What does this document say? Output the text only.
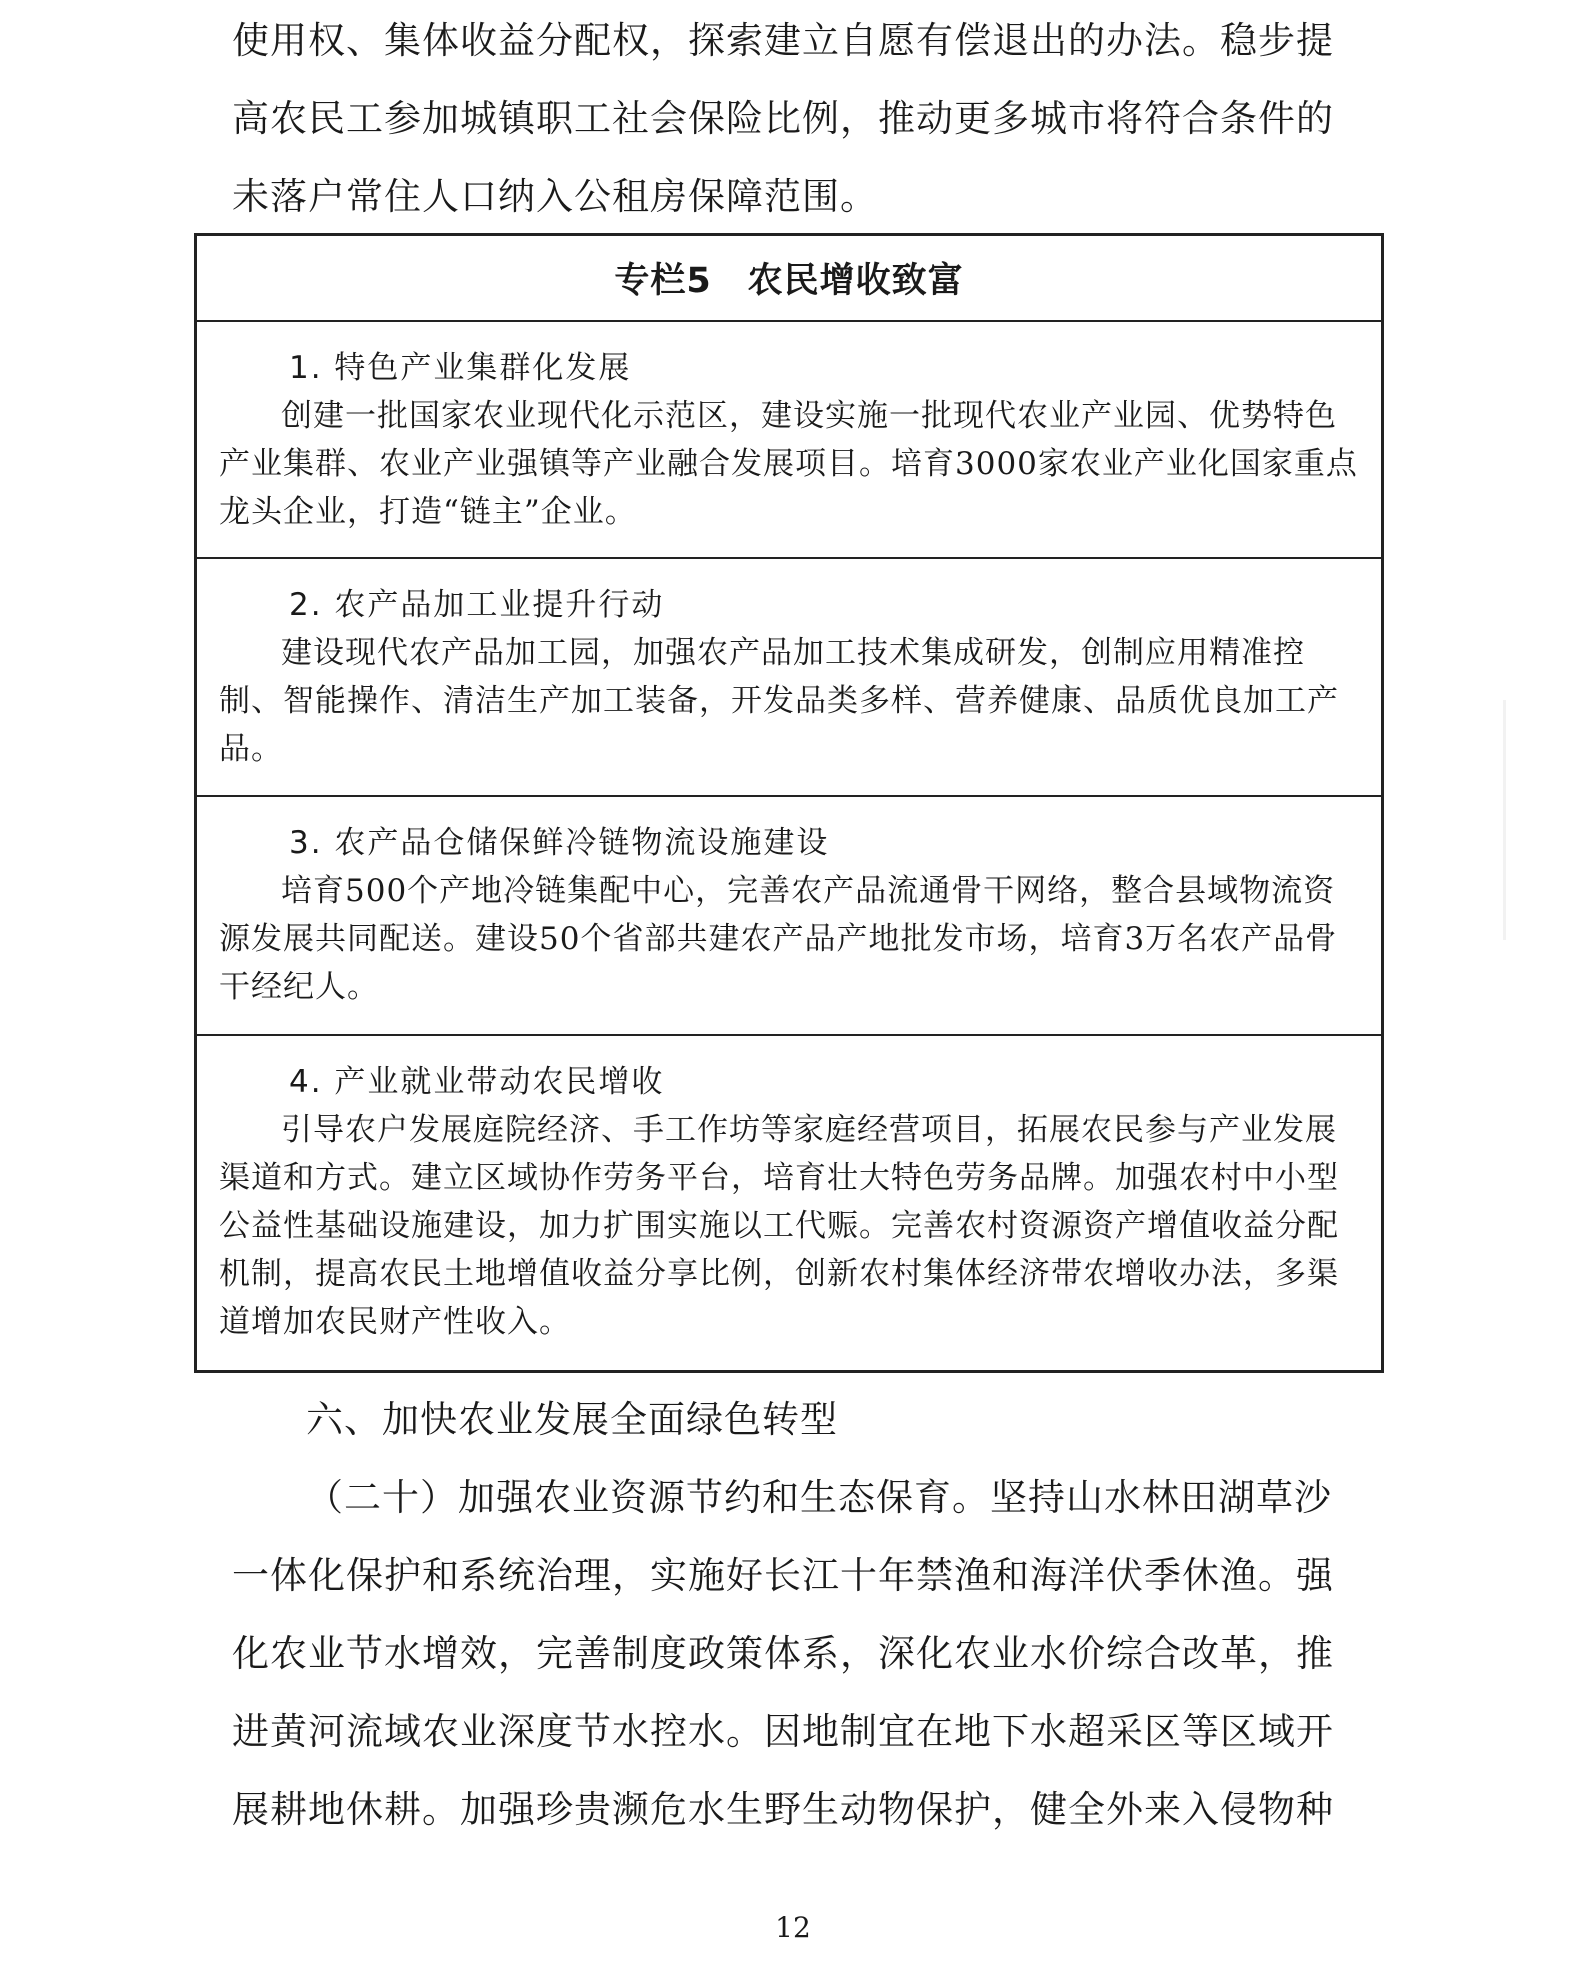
使用权、集体收益分配权，探索建立自愿有偿退出的办法。稳步提高农民工参加城镇职工社会保险比例，推动更多城市将符合条件的未落户常住人口纳入公租房保障范围。

专栏5　农民增收致富

1. 特色产业集群化发展

创建一批国家农业现代化示范区，建设实施一批现代农业产业园、优势特色产业集群、农业产业强镇等产业融合发展项目。培育3000家农业产业化国家重点龙头企业，打造“链主”企业。

2. 农产品加工业提升行动

建设现代农产品加工园，加强农产品加工技术集成研发，创制应用精准控制、智能操作、清洁生产加工装备，开发品类多样、营养健康、品质优良加工产品。

3. 农产品仓储保鲜冷链物流设施建设

培育500个产地冷链集配中心，完善农产品流通骨干网络，整合县域物流资源发展共同配送。建设50个省部共建农产品产地批发市场，培育3万名农产品骨干经纪人。

4. 产业就业带动农民增收

引导农户发展庭院经济、手工作坊等家庭经营项目，拓展农民参与产业发展渠道和方式。建立区域协作劳务平台，培育壮大特色劳务品牌。加强农村中小型公益性基础设施建设，加力扩围实施以工代赈。完善农村资源资产增值收益分配机制，提高农民土地增值收益分享比例，创新农村集体经济带农增收办法，多渠道增加农民财产性收入。

六、加快农业发展全面绿色转型

（二十）加强农业资源节约和生态保育。坚持山水林田湖草沙一体化保护和系统治理，实施好长江十年禁渔和海洋伏季休渔。强化农业节水增效，完善制度政策体系，深化农业水价综合改革，推进黄河流域农业深度节水控水。因地制宜在地下水超采区等区域开展耕地休耕。加强珍贵濒危水生野生动物保护，健全外来入侵物种

12
